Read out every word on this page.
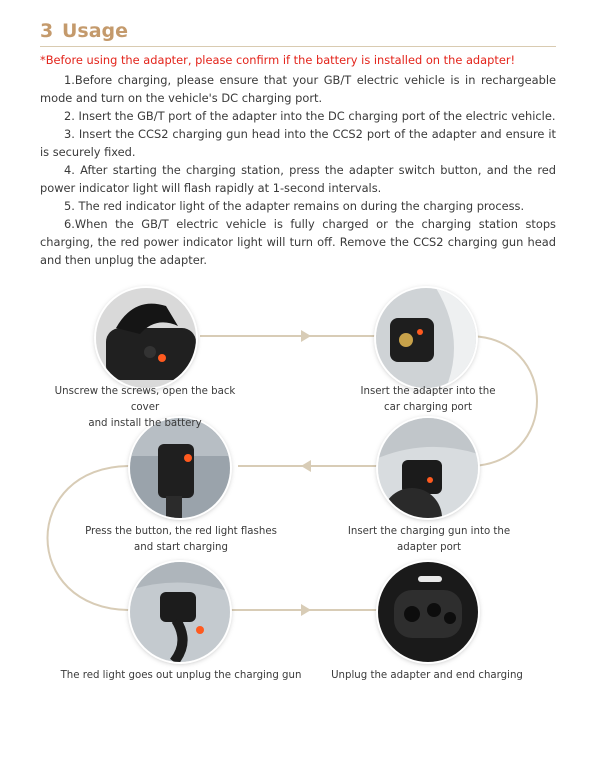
3 Usage
*Before using the adapter, please confirm if the battery is installed on the adapter!

1.Before charging, please ensure that your GB/T electric vehicle is in rechargeable mode and turn on the vehicle's DC charging port.

2. Insert the GB/T port of the adapter into the DC charging port of the electric vehicle.

3. Insert the CCS2 charging gun head into the CCS2 port of the adapter and ensure it is securely fixed.

4. After starting the charging station, press the adapter switch button, and the red power indicator light will flash rapidly at 1-second intervals.

5. The red indicator light of the adapter remains on during the charging process.

6.When the GB/T electric vehicle is fully charged or the charging station stops charging, the red power indicator light will turn off. Remove the CCS2 charging gun head and then unplug the adapter.

Unscrew the screws, open the back cover
and install the battery
Insert the adapter into the
car charging port
Insert the charging gun into the
adapter port
Press the button, the red light flashes
and start charging
The red light goes out unplug the charging gun	Unplug the adapter and end charging
